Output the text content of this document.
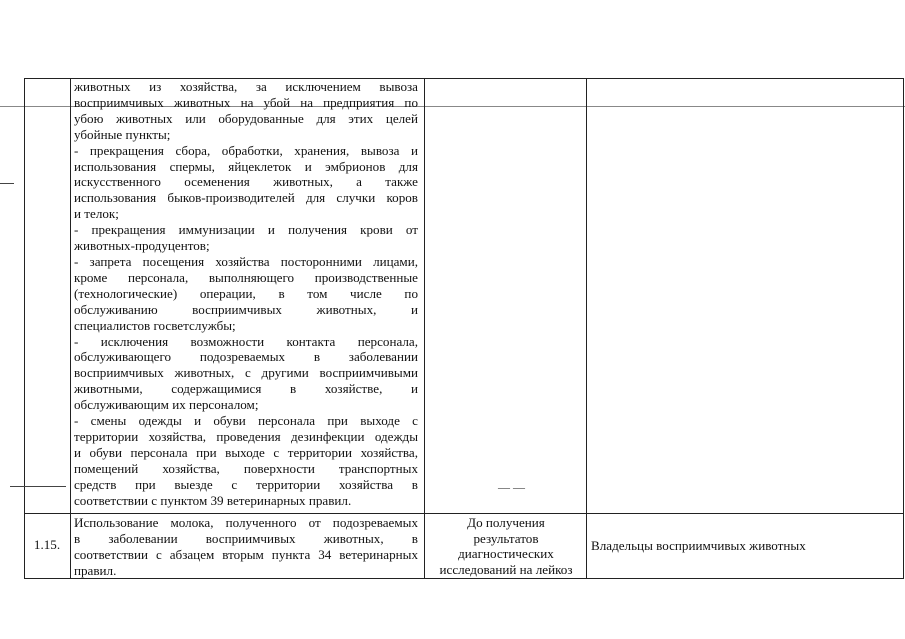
животных из хозяйства, за исключением вывоза
восприимчивых животных на убой на предприятия по
убою животных или оборудованные для этих целей
убойные пункты;
- прекращения сбора, обработки, хранения, вывоза и
использования спермы, яйцеклеток и эмбрионов для
искусственного осеменения животных, а также
использования быков-производителей для случки коров
и телок;
- прекращения иммунизации и получения крови от
животных-продуцентов;
- запрета посещения хозяйства посторонними лицами,
кроме персонала, выполняющего производственные
(технологические) операции, в том числе по
обслуживанию восприимчивых животных, и
специалистов госветслужбы;
- исключения возможности контакта персонала,
обслуживающего подозреваемых в заболевании
восприимчивых животных, с другими восприимчивыми
животными, содержащимися в хозяйстве, и
обслуживающим их персоналом;
- смены одежды и обуви персонала при выходе с
территории хозяйства, проведения дезинфекции одежды
и обуви персонала при выходе с территории хозяйства,
помещений хозяйства, поверхности транспортных
средств при выезде с территории хозяйства в
соответствии с пунктом 39 ветеринарных правил.
— —
1.15.
Использование молока, полученного от подозреваемых
в заболевании восприимчивых животных, в
соответствии с абзацем вторым пункта 34 ветеринарных
правил.
До получения
результатов
диагностических
исследований на лейкоз
Владельцы восприимчивых животных
